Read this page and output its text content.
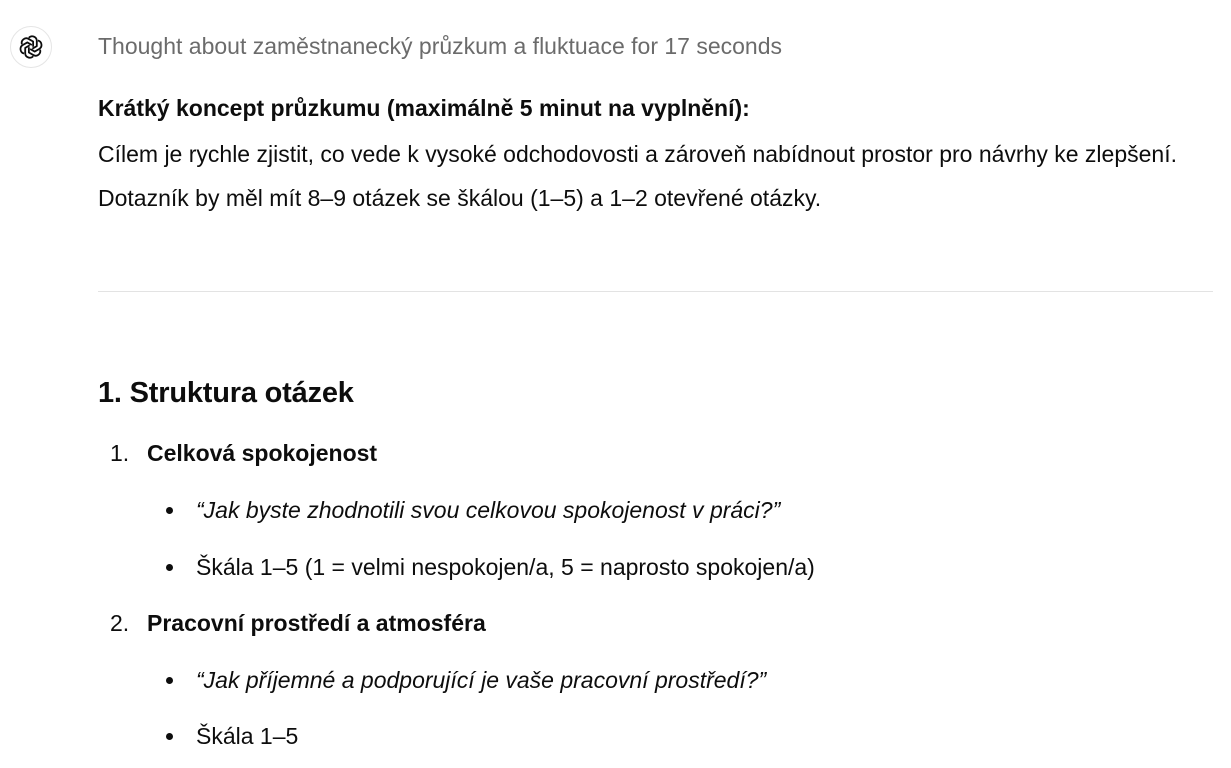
Thought about zaměstnanecký průzkum a fluktuace for 17 seconds
Krátký koncept průzkumu (maximálně 5 minut na vyplnění):
Cílem je rychle zjistit, co vede k vysoké odchodovosti a zároveň nabídnout prostor pro návrhy ke zlepšení. Dotazník by měl mít 8–9 otázek se škálou (1–5) a 1–2 otevřené otázky.
1. Struktura otázek
1. Celková spokojenost
“Jak byste zhodnotili svou celkovou spokojenost v práci?”
Škála 1–5 (1 = velmi nespokojen/a, 5 = naprosto spokojen/a)
2. Pracovní prostředí a atmosféra
“Jak příjemné a podporující je vaše pracovní prostředí?”
Škála 1–5
